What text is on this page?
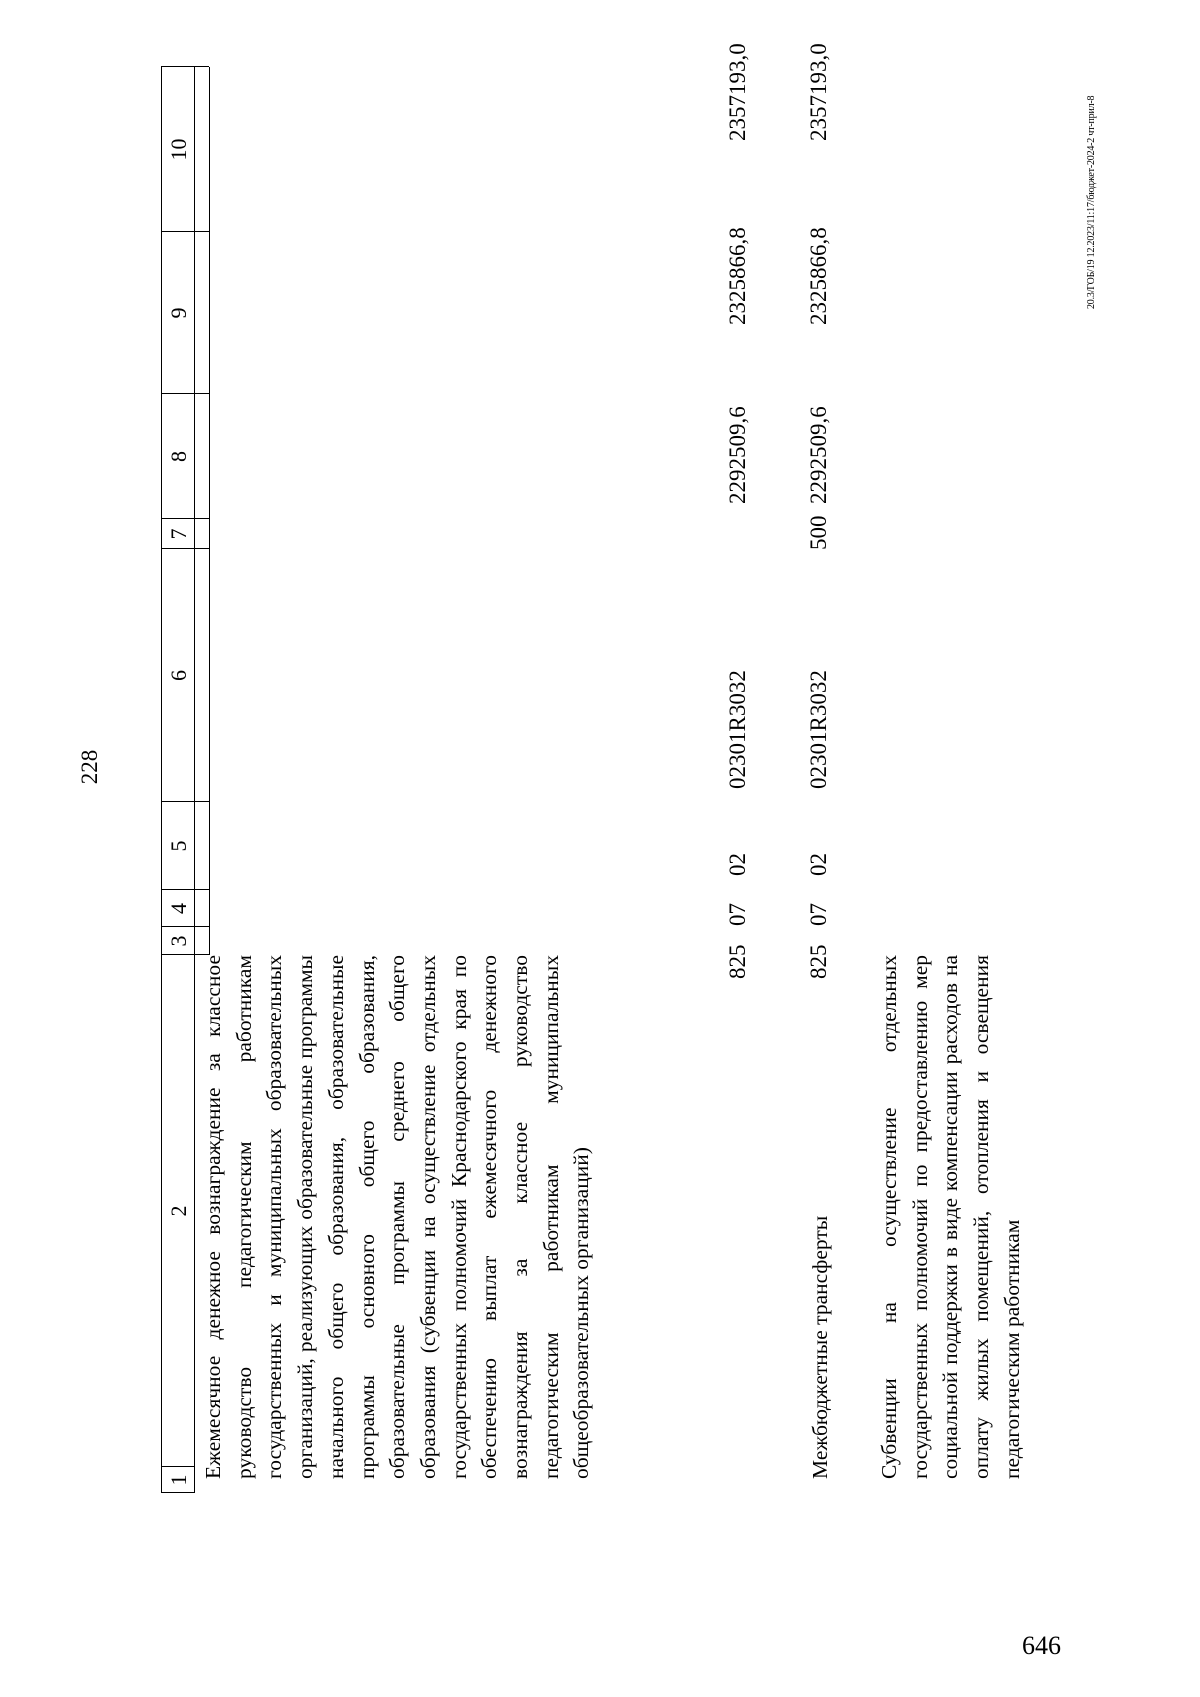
228
1
2
3
4
5
6
7
8
9
10
Ежемесячное денежное вознаграждение за классное руководство педагогическим работникам государственных и муниципальных образовательных организаций, реализующих образовательные программы начального общего образования, образовательные программы основного общего образования, образовательные программы среднего общего образования (субвенции на осуществление отдельных государственных полномочий Краснодарского края по обеспечению выплат ежемесячного денежного вознаграждения за классное руководство педагогическим работникам муниципальных общеобразовательных организаций)
825
07
02
02301R3032
2292509,6
2325866,8
2357193,0
Межбюджетные трансферты
825
07
02
02301R3032
500
2292509,6
2325866,8
2357193,0
Субвенции на осуществление отдельных государственных полномочий по предоставлению мер социальной поддержки в виде компенсации расходов на оплату жилых помещений, отопления и освещения педагогическим работникам
20.3/ГОБ/19 12.2023/11:17/бюджет-2024-2 чт-прил-8
646
